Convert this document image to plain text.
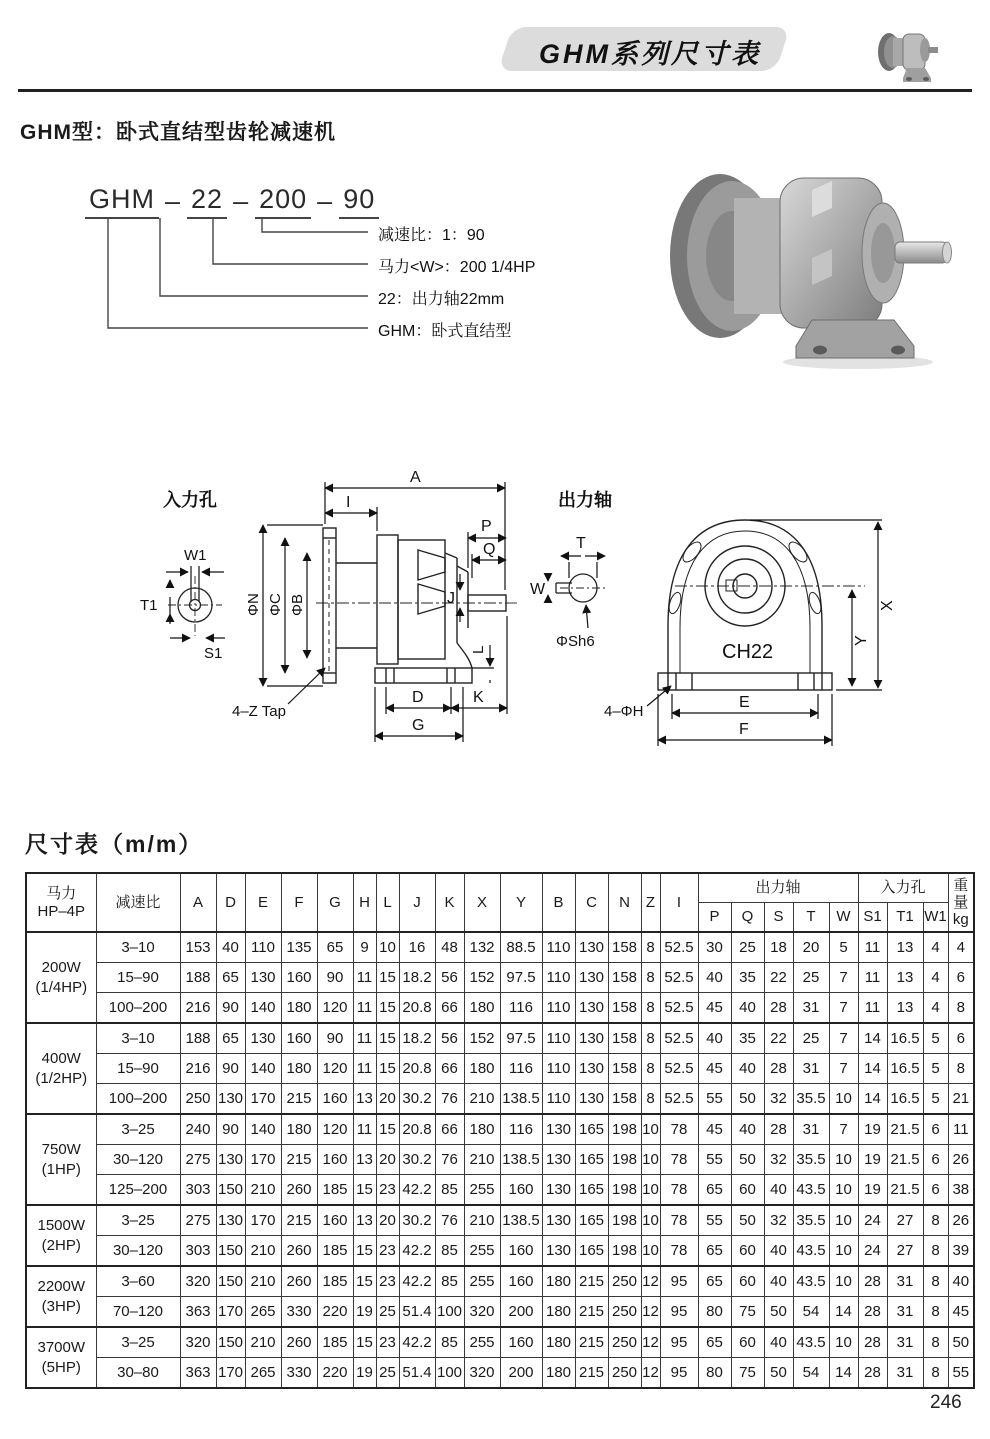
GHM系列尺寸表
GHM型：卧式直结型齿轮减速机
GHM – 22 – 200 – 90
减速比：1：90
马力<W>：200 1/4HP
22：出力轴22mm
GHM：卧式直结型
入力孔
W1
T1
S1
A
I
P
Q
J
L
D	K
G
ΦN ΦC ΦB
4–Z Tap
出力轴
T
W
ΦSh6	CH22
X
Y
E
F
4–ΦH
尺寸表（m/m）
马力
HP–4P
	减速比	A	D	E	F	G	H	L	J	K	X	Y	B	C	N	Z	I	出力轴	入力孔	重量
kg

																		P	Q	S	T	W	S1	T1	W1	

200W
(1/4HP)	3–10	153	40	110	135	65	9	10	16	48	132	88.5	110	130	158	8	52.5	30	25	18	20	5	11	13	4	4
	15–90	188	65	130	160	90	11	15	18.2	56	152	97.5	110	130	158	8	52.5	40	35	22	25	7	11	13	4	6
	100–200	216	90	140	180	120	11	15	20.8	66	180	116	110	130	158	8	52.5	45	40	28	31	7	11	13	4	8

400W
(1/2HP)	3–10	188	65	130	160	90	11	15	18.2	56	152	97.5	110	130	158	8	52.5	40	35	22	25	7	14	16.5	5	6
	15–90	216	90	140	180	120	11	15	20.8	66	180	116	110	130	158	8	52.5	45	40	28	31	7	14	16.5	5	8
	100–200	250	130	170	215	160	13	20	30.2	76	210	138.5	110	130	158	8	52.5	55	50	32	35.5	10	14	16.5	5	21

750W
(1HP)	3–25	240	90	140	180	120	11	15	20.8	66	180	116	130	165	198	10	78	45	40	28	31	7	19	21.5	6	11
	30–120	275	130	170	215	160	13	20	30.2	76	210	138.5	130	165	198	10	78	55	50	32	35.5	10	19	21.5	6	26
	125–200	303	150	210	260	185	15	23	42.2	85	255	160	130	165	198	10	78	65	60	40	43.5	10	19	21.5	6	38

1500W
(2HP)	3–25	275	130	170	215	160	13	20	30.2	76	210	138.5	130	165	198	10	78	55	50	32	35.5	10	24	27	8	26
	30–120	303	150	210	260	185	15	23	42.2	85	255	160	130	165	198	10	78	65	60	40	43.5	10	24	27	8	39

2200W
(3HP)	3–60	320	150	210	260	185	15	23	42.2	85	255	160	180	215	250	12	95	65	60	40	43.5	10	28	31	8	40
	70–120	363	170	265	330	220	19	25	51.4	100	320	200	180	215	250	12	95	80	75	50	54	14	28	31	8	45

3700W
(5HP)	3–25	320	150	210	260	185	15	23	42.2	85	255	160	180	215	250	12	95	65	60	40	43.5	10	28	31	8	50
	30–80	363	170	265	330	220	19	25	51.4	100	320	200	180	215	250	12	95	80	75	50	54	14	28	31	8	55
246
